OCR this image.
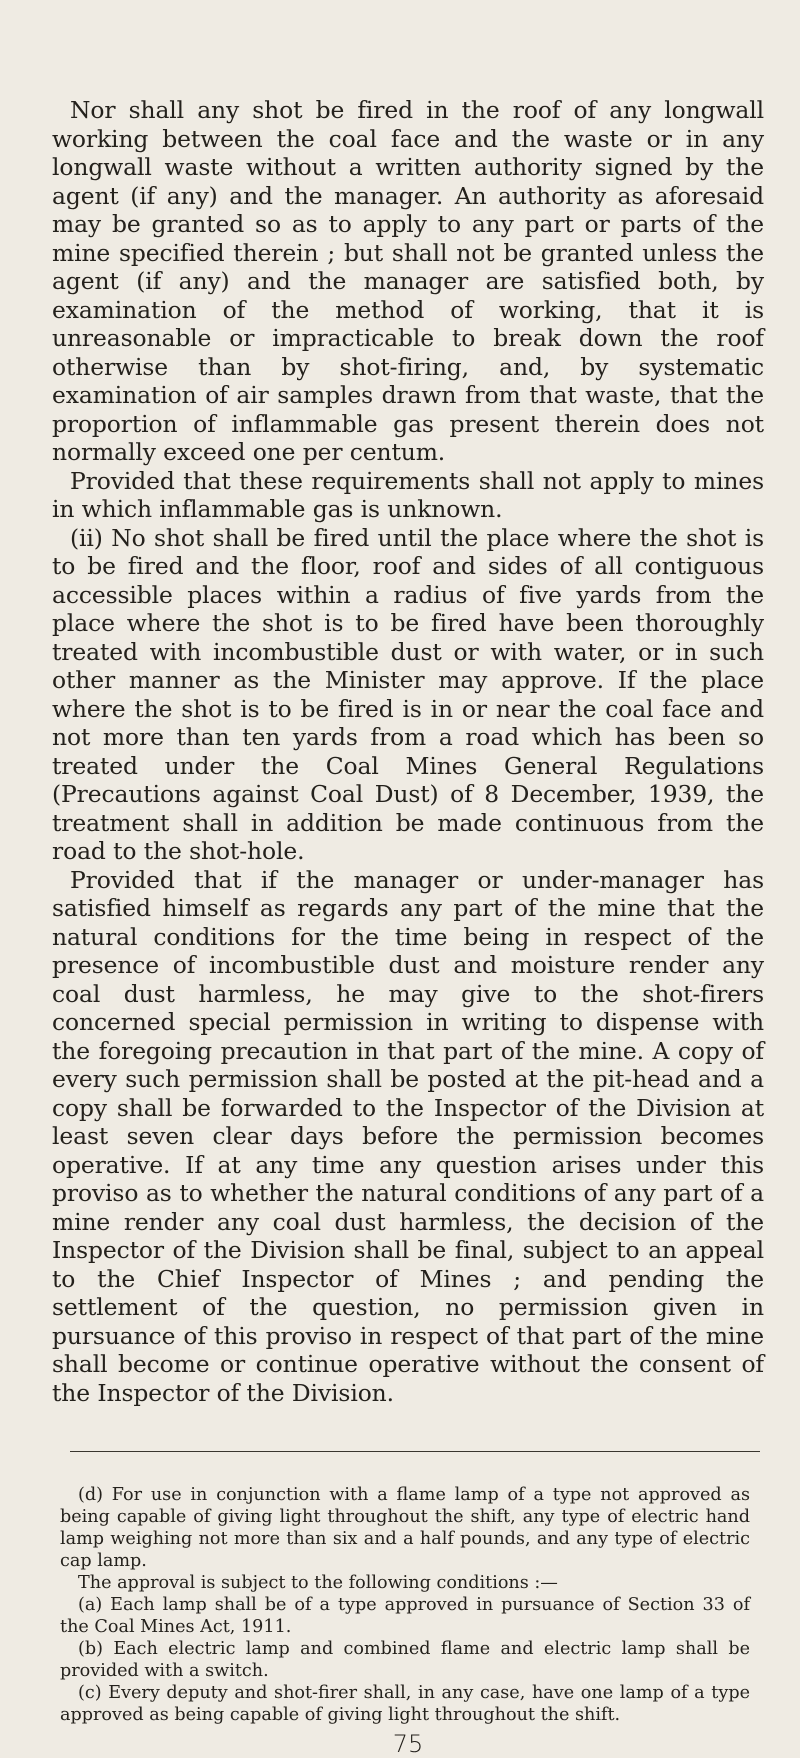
Nor shall any shot be fired in the roof of any longwall working between the coal face and the waste or in any longwall waste without a written authority signed by the agent (if any) and the manager. An authority as aforesaid may be granted so as to apply to any part or parts of the mine specified therein ; but shall not be granted unless the agent (if any) and the manager are satisfied both, by examination of the method of working, that it is unreasonable or impracticable to break down the roof otherwise than by shot-firing, and, by systematic examination of air samples drawn from that waste, that the proportion of inflammable gas present therein does not normally exceed one per centum.

Provided that these requirements shall not apply to mines in which inflammable gas is unknown.

(ii) No shot shall be fired until the place where the shot is to be fired and the floor, roof and sides of all contiguous accessible places within a radius of five yards from the place where the shot is to be fired have been thoroughly treated with incombustible dust or with water, or in such other manner as the Minister may approve. If the place where the shot is to be fired is in or near the coal face and not more than ten yards from a road which has been so treated under the Coal Mines General Regulations (Precautions against Coal Dust) of 8 December, 1939, the treatment shall in addition be made continuous from the road to the shot-hole.

Provided that if the manager or under-manager has satisfied himself as regards any part of the mine that the natural conditions for the time being in respect of the presence of incombustible dust and moisture render any coal dust harmless, he may give to the shot-firers concerned special permission in writing to dispense with the foregoing precaution in that part of the mine. A copy of every such permission shall be posted at the pit-head and a copy shall be forwarded to the Inspector of the Division at least seven clear days before the permission becomes operative. If at any time any question arises under this proviso as to whether the natural conditions of any part of a mine render any coal dust harmless, the decision of the Inspector of the Division shall be final, subject to an appeal to the Chief Inspector of Mines ; and pending the settlement of the question, no permission given in pursuance of this proviso in respect of that part of the mine shall become or continue operative without the consent of the Inspector of the Division.

(d) For use in conjunction with a flame lamp of a type not approved as being capable of giving light throughout the shift, any type of electric hand lamp weighing not more than six and a half pounds, and any type of electric cap lamp.

The approval is subject to the following conditions :—

(a) Each lamp shall be of a type approved in pursuance of Section 33 of the Coal Mines Act, 1911.

(b) Each electric lamp and combined flame and electric lamp shall be provided with a switch.

(c) Every deputy and shot-firer shall, in any case, have one lamp of a type approved as being capable of giving light throughout the shift.

75
